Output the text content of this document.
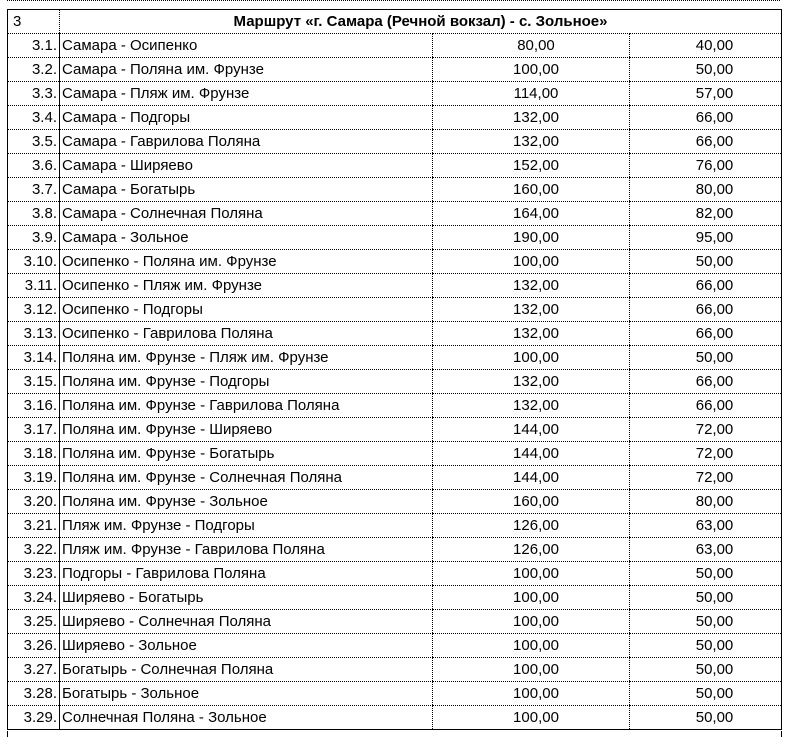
3	Маршрут «г. Самара (Речной вокзал) - с. Зольное»		
3.1.	Самара - Осипенко	80,00	40,00
3.2.	Самара - Поляна им. Фрунзе	100,00	50,00
3.3.	Самара - Пляж им. Фрунзе	114,00	57,00
3.4.	Самара - Подгоры	132,00	66,00
3.5.	Самара - Гаврилова Поляна	132,00	66,00
3.6.	Самара - Ширяево	152,00	76,00
3.7.	Самара - Богатырь	160,00	80,00
3.8.	Самара - Солнечная Поляна	164,00	82,00
3.9.	Самара - Зольное	190,00	95,00
3.10.	Осипенко - Поляна им. Фрунзе	100,00	50,00
3.11.	Осипенко - Пляж им. Фрунзе	132,00	66,00
3.12.	Осипенко - Подгоры	132,00	66,00
3.13.	Осипенко - Гаврилова Поляна	132,00	66,00
3.14.	Поляна им. Фрунзе - Пляж им. Фрунзе	100,00	50,00
3.15.	Поляна им. Фрунзе - Подгоры	132,00	66,00
3.16.	Поляна им. Фрунзе - Гаврилова Поляна	132,00	66,00
3.17.	Поляна им. Фрунзе - Ширяево	144,00	72,00
3.18.	Поляна им. Фрунзе - Богатырь	144,00	72,00
3.19.	Поляна им. Фрунзе - Солнечная Поляна	144,00	72,00
3.20.	Поляна им. Фрунзе - Зольное	160,00	80,00
3.21.	Пляж им. Фрунзе - Подгоры	126,00	63,00
3.22.	Пляж им. Фрунзе - Гаврилова Поляна	126,00	63,00
3.23.	Подгоры - Гаврилова Поляна	100,00	50,00
3.24.	Ширяево - Богатырь	100,00	50,00
3.25.	Ширяево - Солнечная Поляна	100,00	50,00
3.26.	Ширяево - Зольное	100,00	50,00
3.27.	Богатырь - Солнечная Поляна	100,00	50,00
3.28.	Богатырь - Зольное	100,00	50,00
3.29.	Солнечная Поляна - Зольное	100,00	50,00
